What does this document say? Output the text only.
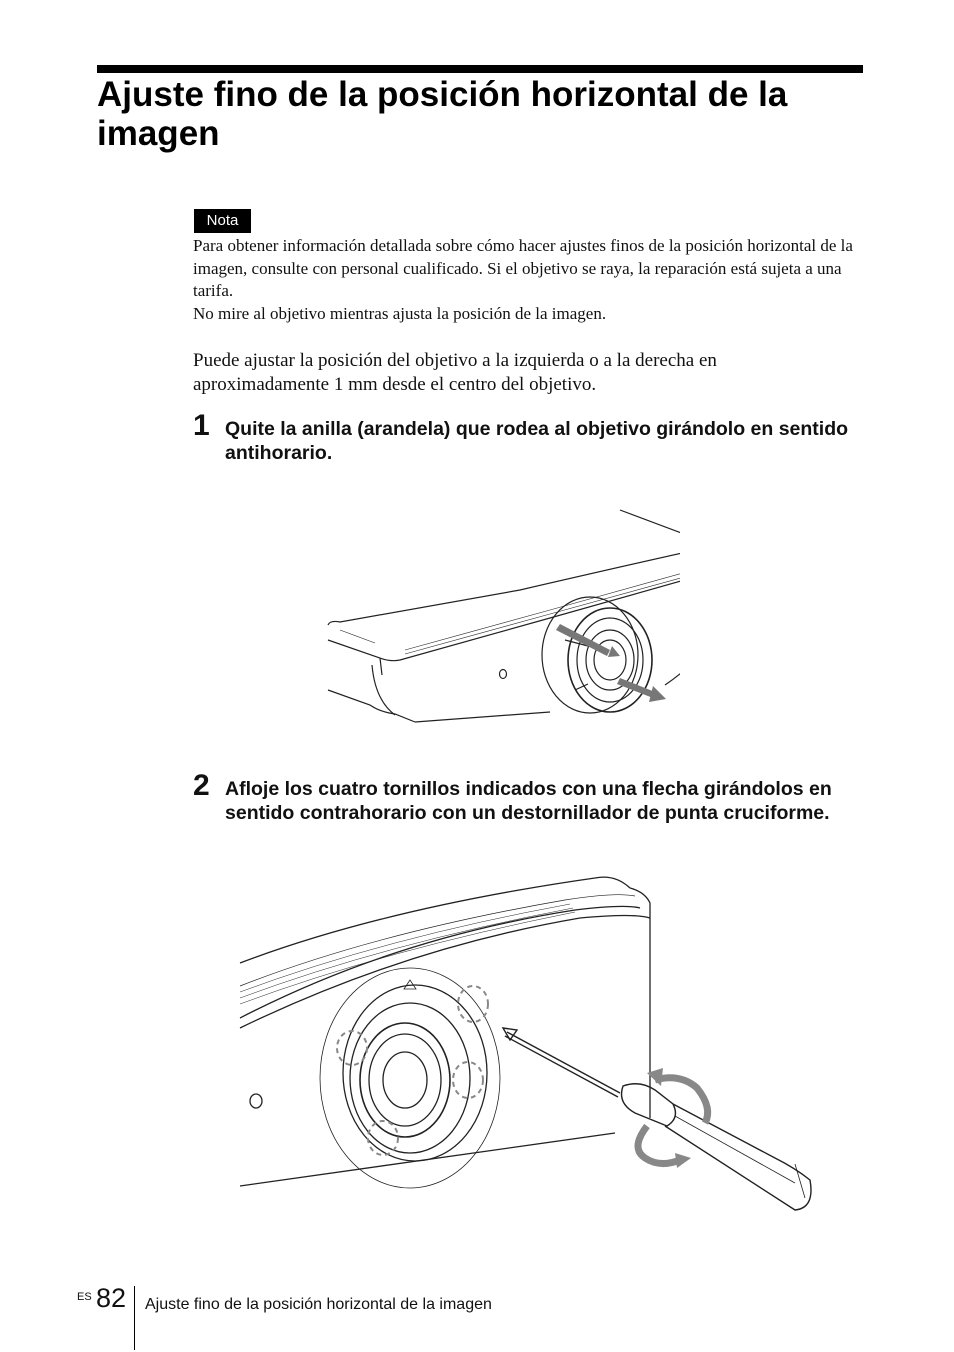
Ajuste fino de la posición horizontal de la imagen
Nota

Para obtener información detallada sobre cómo hacer ajustes finos de la posición horizontal de la imagen, consulte con personal cualificado. Si el objetivo se raya, la reparación está sujeta a una tarifa.

No mire al objetivo mientras ajusta la posición de la imagen.

Puede ajustar la posición del objetivo a la izquierda o a la derecha en aproximadamente 1 mm desde el centro del objetivo.

1 Quite la anilla (arandela) que rodea al objetivo girándolo en sentido antihorario.

2 Afloje los cuatro tornillos indicados con una flecha girándolos en sentido contrahorario con un destornillador de punta cruciforme.

ES 82 Ajuste fino de la posición horizontal de la imagen
